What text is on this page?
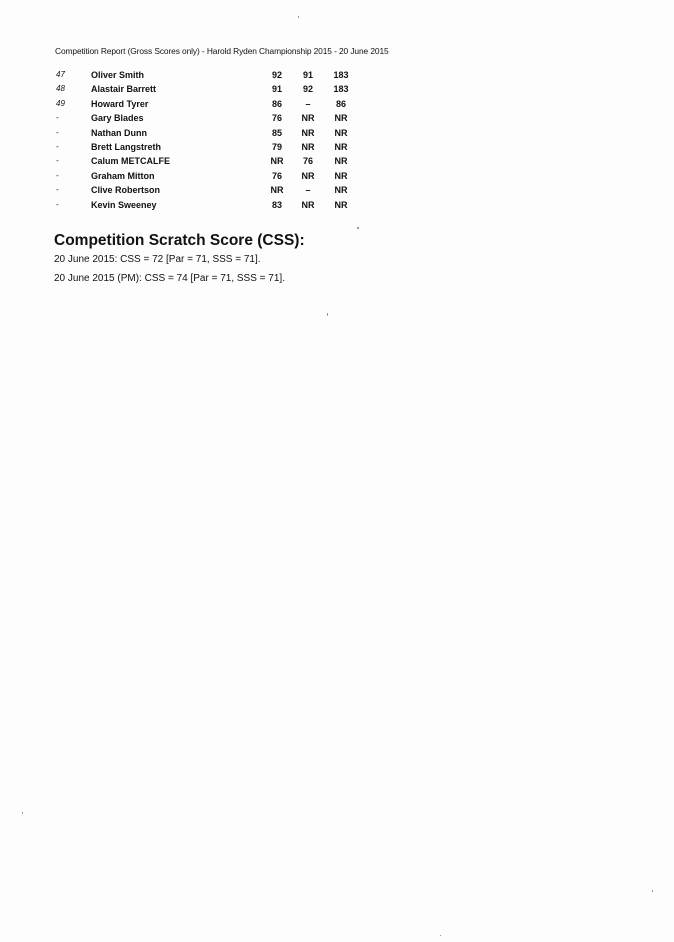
Competition Report (Gross Scores only) - Harold Ryden Championship 2015 - 20 June 2015
47	Oliver Smith	92	91	183
48	Alastair Barrett	91	92	183
49	Howard Tyrer	86	–	86
-	Gary Blades	76	NR	NR
-	Nathan Dunn	85	NR	NR
-	Brett Langstreth	79	NR	NR
-	Calum METCALFE	NR	76	NR
-	Graham Mitton	76	NR	NR
-	Clive Robertson	NR	–	NR
-	Kevin Sweeney	83	NR	NR
Competition Scratch Score (CSS):
20 June 2015: CSS = 72 [Par = 71, SSS = 71].
20 June 2015 (PM): CSS = 74 [Par = 71, SSS = 71].
